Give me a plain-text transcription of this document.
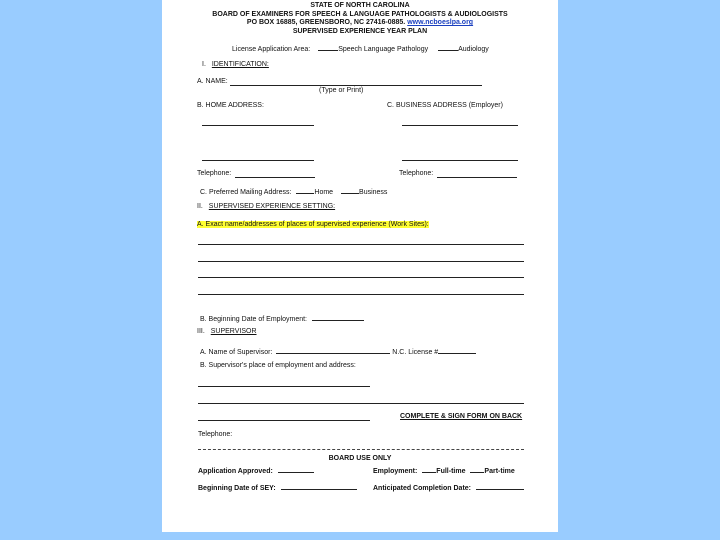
STATE OF NORTH CAROLINA
BOARD OF EXAMINERS FOR SPEECH & LANGUAGE PATHOLOGISTS & AUDIOLOGISTS
PO BOX 16885, GREENSBORO, NC 27416-0885. www.ncboeslpa.org
SUPERVISED EXPERIENCE YEAR PLAN
License Application Area:	Speech Language Pathology	Audiology
I. IDENTIFICATION:
A. NAME:
(Type or Print)
B. HOME ADDRESS:	C. BUSINESS ADDRESS (Employer)
Telephone:	Telephone:
C. Preferred Mailing Address:	Home	Business
II. SUPERVISED EXPERIENCE SETTING:
A. Exact name/addresses of places of supervised experience (Work Sites):
B. Beginning Date of Employment:
III. SUPERVISOR
A. Name of Supervisor:	N.C. License #
B. Supervisor's place of employment and address:
COMPLETE & SIGN FORM ON BACK
Telephone:
BOARD USE ONLY
Application Approved:	Employment:	Full-time	Part-time
Beginning Date of SEY:	Anticipated Completion Date:
